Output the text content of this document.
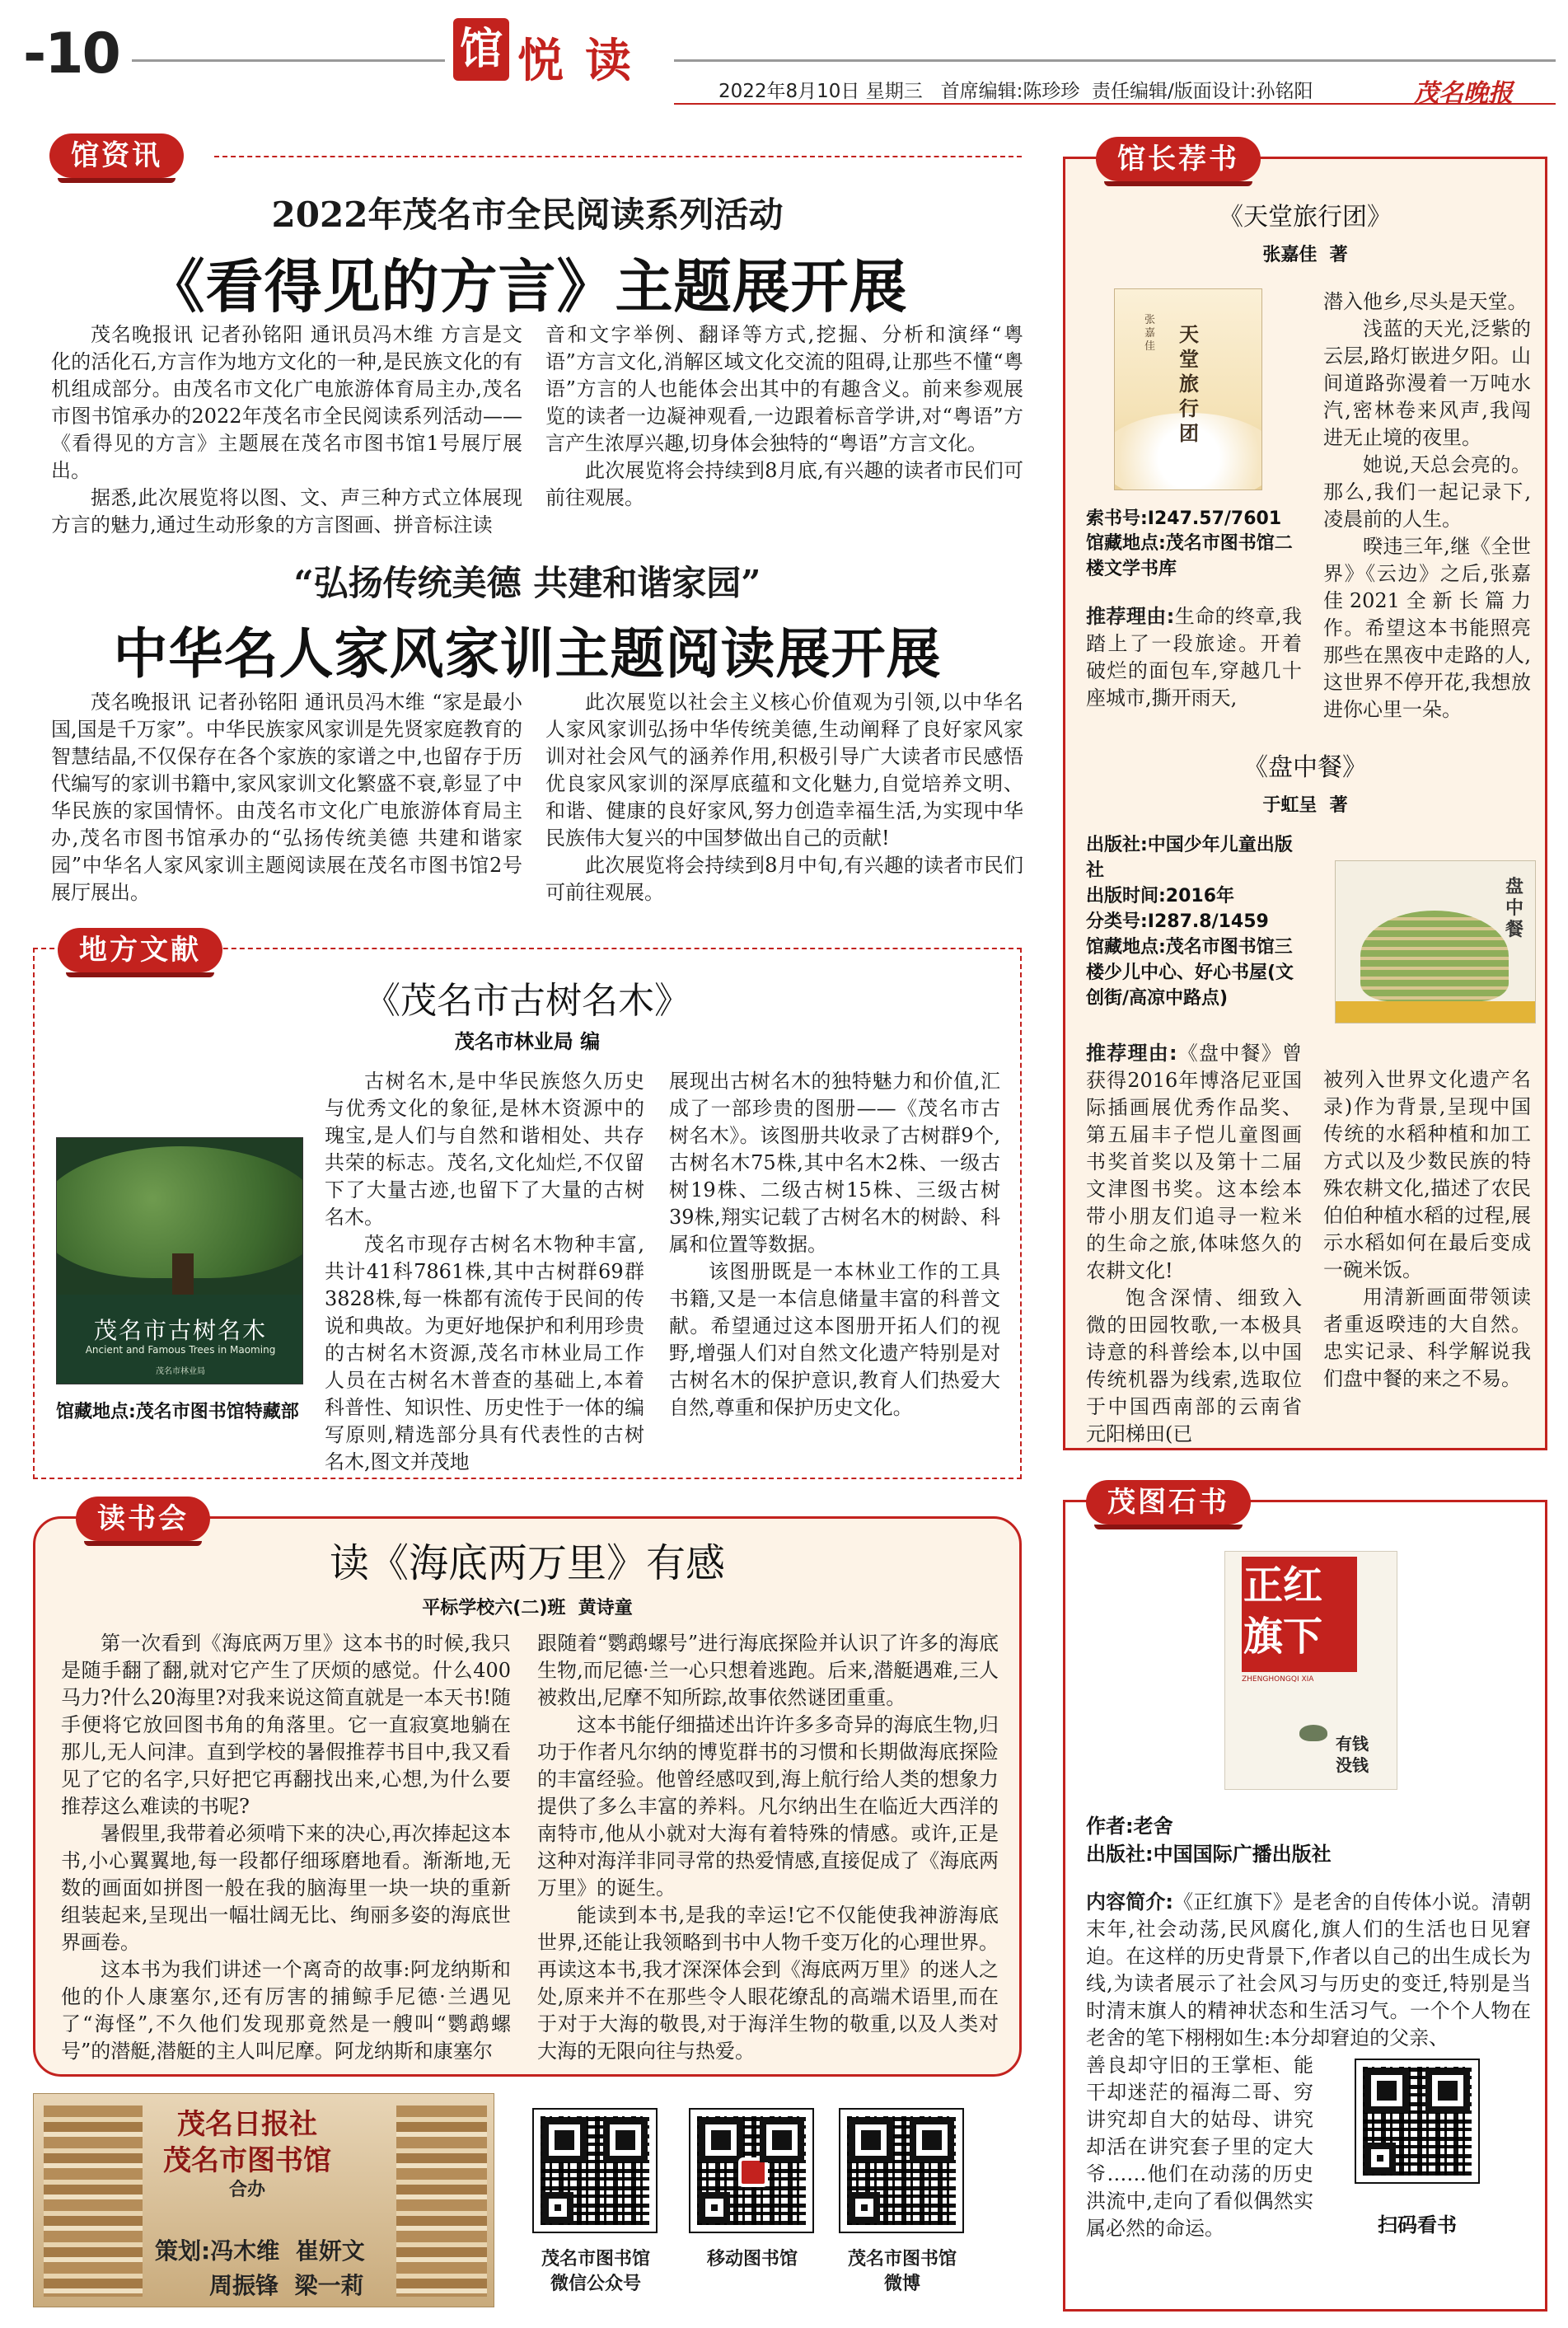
-10	馆 悦 读
2022年8月10日 星期三   首席编辑:陈珍珍  责任编辑/版面设计:孙铭阳	茂名晚报
馆资讯
2022年茂名市全民阅读系列活动
《看得见的方言》主题展开展

茂名晚报讯 记者孙铭阳 通讯员冯木维 方言是文化的活化石,方言作为地方文化的一种,是民族文化的有机组成部分。由茂名市文化广电旅游体育局主办,茂名市图书馆承办的2022年茂名市全民阅读系列活动——《看得见的方言》主题展在茂名市图书馆1号展厅展出。

据悉,此次展览将以图、文、声三种方式立体展现方言的魅力,通过生动形象的方言图画、拼音标注读

音和文字举例、翻译等方式,挖掘、分析和演绎“粤语”方言文化,消解区域文化交流的阻碍,让那些不懂“粤语”方言的人也能体会出其中的有趣含义。前来参观展览的读者一边凝神观看,一边跟着标音学讲,对“粤语”方言产生浓厚兴趣,切身体会独特的“粤语”方言文化。

此次展览将会持续到8月底,有兴趣的读者市民们可前往观展。

“弘扬传统美德 共建和谐家园”
中华名人家风家训主题阅读展开展

茂名晚报讯 记者孙铭阳 通讯员冯木维 “家是最小国,国是千万家”。中华民族家风家训是先贤家庭教育的智慧结晶,不仅保存在各个家族的家谱之中,也留存于历代编写的家训书籍中,家风家训文化繁盛不衰,彰显了中华民族的家国情怀。由茂名市文化广电旅游体育局主办,茂名市图书馆承办的“弘扬传统美德 共建和谐家园”中华名人家风家训主题阅读展在茂名市图书馆2号展厅展出。

此次展览以社会主义核心价值观为引领,以中华名人家风家训弘扬中华传统美德,生动阐释了良好家风家训对社会风气的涵养作用,积极引导广大读者市民感悟优良家风家训的深厚底蕴和文化魅力,自觉培养文明、和谐、健康的良好家风,努力创造幸福生活,为实现中华民族伟大复兴的中国梦做出自己的贡献!

此次展览将会持续到8月中旬,有兴趣的读者市民们可前往观展。

地方文献
《茂名市古树名木》
茂名市林业局 编
茂名市古树名木
Ancient and Famous Trees in Maoming
茂名市林业局
馆藏地点:茂名市图书馆特藏部

古树名木,是中华民族悠久历史与优秀文化的象征,是林木资源中的瑰宝,是人们与自然和谐相处、共存共荣的标志。茂名,文化灿烂,不仅留下了大量古迹,也留下了大量的古树名木。

茂名市现存古树名木物种丰富,共计41科7861株,其中古树群69群3828株,每一株都有流传于民间的传说和典故。为更好地保护和利用珍贵的古树名木资源,茂名市林业局工作人员在古树名木普查的基础上,本着科普性、知识性、历史性于一体的编写原则,精选部分具有代表性的古树名木,图文并茂地

展现出古树名木的独特魅力和价值,汇成了一部珍贵的图册——《茂名市古树名木》。该图册共收录了古树群9个,古树名木75株,其中名木2株、一级古树19株、二级古树15株、三级古树39株,翔实记载了古树名木的树龄、科属和位置等数据。

该图册既是一本林业工作的工具书籍,又是一本信息储量丰富的科普文献。希望通过这本图册开拓人们的视野,增强人们对自然文化遗产特别是对古树名木的保护意识,教育人们热爱大自然,尊重和保护历史文化。

读书会
读《海底两万里》有感
平标学校六(二)班  黄诗童

第一次看到《海底两万里》这本书的时候,我只是随手翻了翻,就对它产生了厌烦的感觉。什么400马力?什么20海里?对我来说这简直就是一本天书!随手便将它放回图书角的角落里。它一直寂寞地躺在那儿,无人问津。直到学校的暑假推荐书目中,我又看见了它的名字,只好把它再翻找出来,心想,为什么要推荐这么难读的书呢?

暑假里,我带着必须啃下来的决心,再次捧起这本书,小心翼翼地,每一段都仔细琢磨地看。渐渐地,无数的画面如拼图一般在我的脑海里一块一块的重新组装起来,呈现出一幅壮阔无比、绚丽多姿的海底世界画卷。

这本书为我们讲述一个离奇的故事:阿龙纳斯和他的仆人康塞尔,还有厉害的捕鲸手尼德·兰遇见了“海怪”,不久他们发现那竟然是一艘叫“鹦鹉螺号”的潜艇,潜艇的主人叫尼摩。阿龙纳斯和康塞尔

跟随着“鹦鹉螺号”进行海底探险并认识了许多的海底生物,而尼德·兰一心只想着逃跑。后来,潜艇遇难,三人被救出,尼摩不知所踪,故事依然谜团重重。

这本书能仔细描述出许许多多奇异的海底生物,归功于作者凡尔纳的博览群书的习惯和长期做海底探险的丰富经验。他曾经感叹到,海上航行给人类的想象力提供了多么丰富的养料。凡尔纳出生在临近大西洋的南特市,他从小就对大海有着特殊的情感。或许,正是这种对海洋非同寻常的热爱情感,直接促成了《海底两万里》的诞生。

能读到本书,是我的幸运!它不仅能使我神游海底世界,还能让我领略到书中人物千变万化的心理世界。再读这本书,我才深深体会到《海底两万里》的迷人之处,原来并不在那些令人眼花缭乱的高端术语里,而在于对于大海的敬畏,对于海洋生物的敬重,以及人类对大海的无限向往与热爱。

茂名日报社
茂名市图书馆
合办
策划:冯木维  崔妍文
周振锋  梁一莉
茂名市图书馆
微信公众号
移动图书馆	茂名市图书馆
微博
馆长荐书
《天堂旅行团》
张嘉佳  著
天堂旅行团
张嘉佳
索书号:I247.57/7601
馆藏地点:茂名市图书馆二楼文学书库
推荐理由:生命的终章,我踏上了一段旅途。开着破烂的面包车,穿越几十座城市,撕开雨天,

潜入他乡,尽头是天堂。

浅蓝的天光,泛紫的云层,路灯嵌进夕阳。山间道路弥漫着一万吨水汽,密林卷来风声,我闯进无止境的夜里。

她说,天总会亮的。那么,我们一起记录下,凌晨前的人生。

暌违三年,继《全世界》《云边》之后,张嘉佳2021全新长篇力作。希望这本书能照亮那些在黑夜中走路的人,这世界不停开花,我想放进你心里一朵。

《盘中餐》
于虹呈  著
出版社:中国少年儿童出版社
出版时间:2016年
分类号:I287.8/1459
馆藏地点:茂名市图书馆三楼少儿中心、好心书屋(文创街/高凉中路点)
盘中餐

推荐理由:《盘中餐》曾获得2016年博洛尼亚国际插画展优秀作品奖、第五届丰子恺儿童图画书奖首奖以及第十二届文津图书奖。这本绘本带小朋友们追寻一粒米的生命之旅,体味悠久的农耕文化!

饱含深情、细致入微的田园牧歌,一本极具诗意的科普绘本,以中国传统机器为线索,选取位于中国西南部的云南省元阳梯田(已

被列入世界文化遗产名录)作为背景,呈现中国传统的水稻种植和加工方式以及少数民族的特殊农耕文化,描述了农民伯伯种植水稻的过程,展示水稻如何在最后变成一碗米饭。

用清新画面带领读者重返暌违的大自然。忠实记录、科学解说我们盘中餐的来之不易。

茂图石书
正红旗下
ZHENGHONGQI XIA
有钱 没钱
作者:老舍
出版社:中国国际广播出版社
内容简介:《正红旗下》是老舍的自传体小说。清朝末年,社会动荡,民风腐化,旗人们的生活也日见窘迫。在这样的历史背景下,作者以自己的出生成长为线,为读者展示了社会风习与历史的变迁,特别是当时清末旗人的精神状态和生活习气。一个个人物在老舍的笔下栩栩如生:本分却窘迫的父亲、
善良却守旧的王掌柜、能干却迷茫的福海二哥、穷讲究却自大的姑母、讲究却活在讲究套子里的定大爷……他们在动荡的历史洪流中,走向了看似偶然实属必然的命运。	扫码看书
